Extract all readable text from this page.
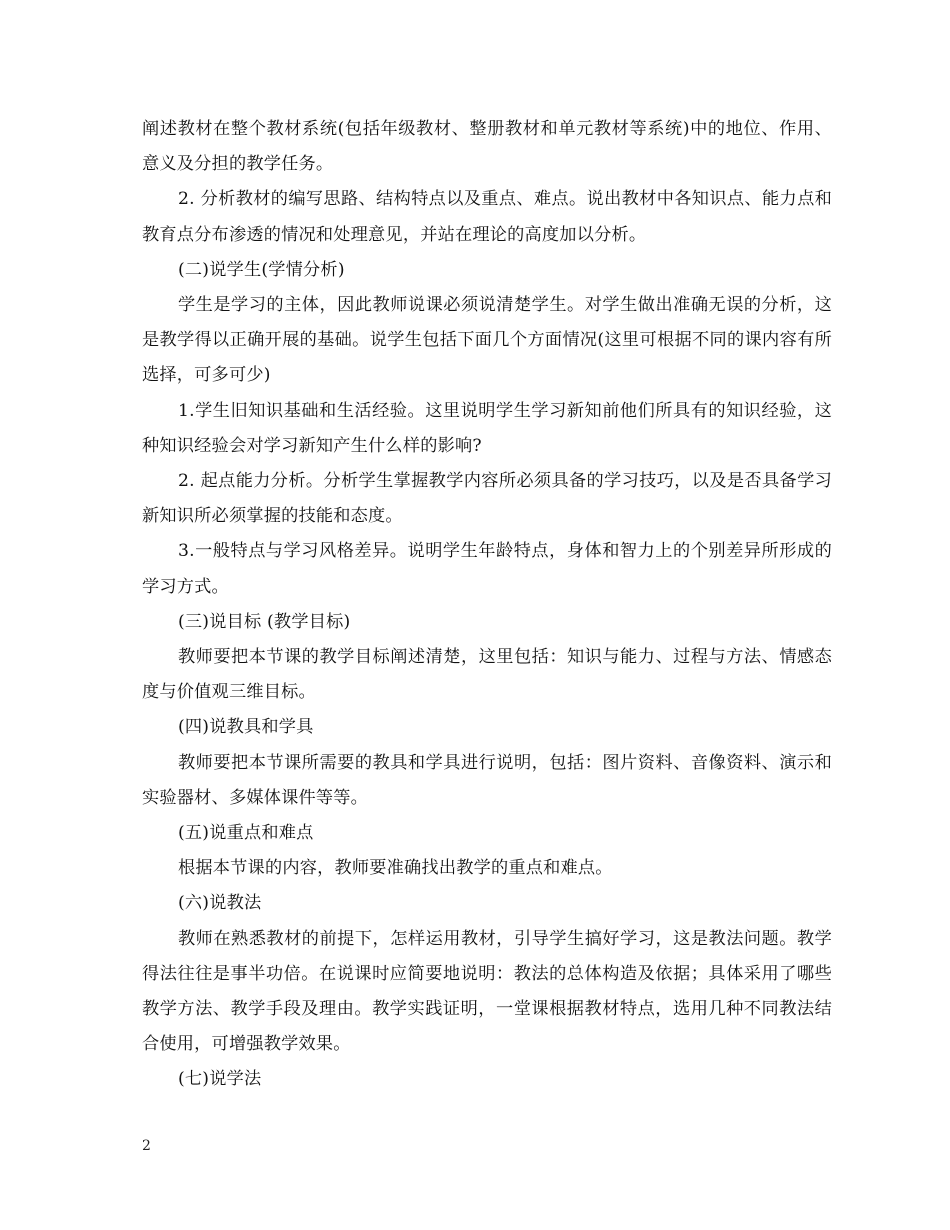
阐述教材在整个教材系统(包括年级教材、整册教材和单元教材等系统)中的地位、作用、意义及分担的教学任务。

2. 分析教材的编写思路、结构特点以及重点、难点。说出教材中各知识点、能力点和教育点分布渗透的情况和处理意见，并站在理论的高度加以分析。

(二)说学生(学情分析)

学生是学习的主体，因此教师说课必须说清楚学生。对学生做出准确无误的分析，这是教学得以正确开展的基础。说学生包括下面几个方面情况(这里可根据不同的课内容有所选择，可多可少)

1.学生旧知识基础和生活经验。这里说明学生学习新知前他们所具有的知识经验，这种知识经验会对学习新知产生什么样的影响?

2. 起点能力分析。分析学生掌握教学内容所必须具备的学习技巧，以及是否具备学习新知识所必须掌握的技能和态度。

3.一般特点与学习风格差异。说明学生年龄特点，身体和智力上的个别差异所形成的学习方式。

(三)说目标 (教学目标)

教师要把本节课的教学目标阐述清楚，这里包括：知识与能力、过程与方法、情感态度与价值观三维目标。

(四)说教具和学具

教师要把本节课所需要的教具和学具进行说明，包括：图片资料、音像资料、演示和实验器材、多媒体课件等等。

(五)说重点和难点

根据本节课的内容，教师要准确找出教学的重点和难点。

(六)说教法

教师在熟悉教材的前提下，怎样运用教材，引导学生搞好学习，这是教法问题。教学得法往往是事半功倍。在说课时应简要地说明：教法的总体构造及依据；具体采用了哪些教学方法、教学手段及理由。教学实践证明，一堂课根据教材特点，选用几种不同教法结合使用，可增强教学效果。

(七)说学法

2
